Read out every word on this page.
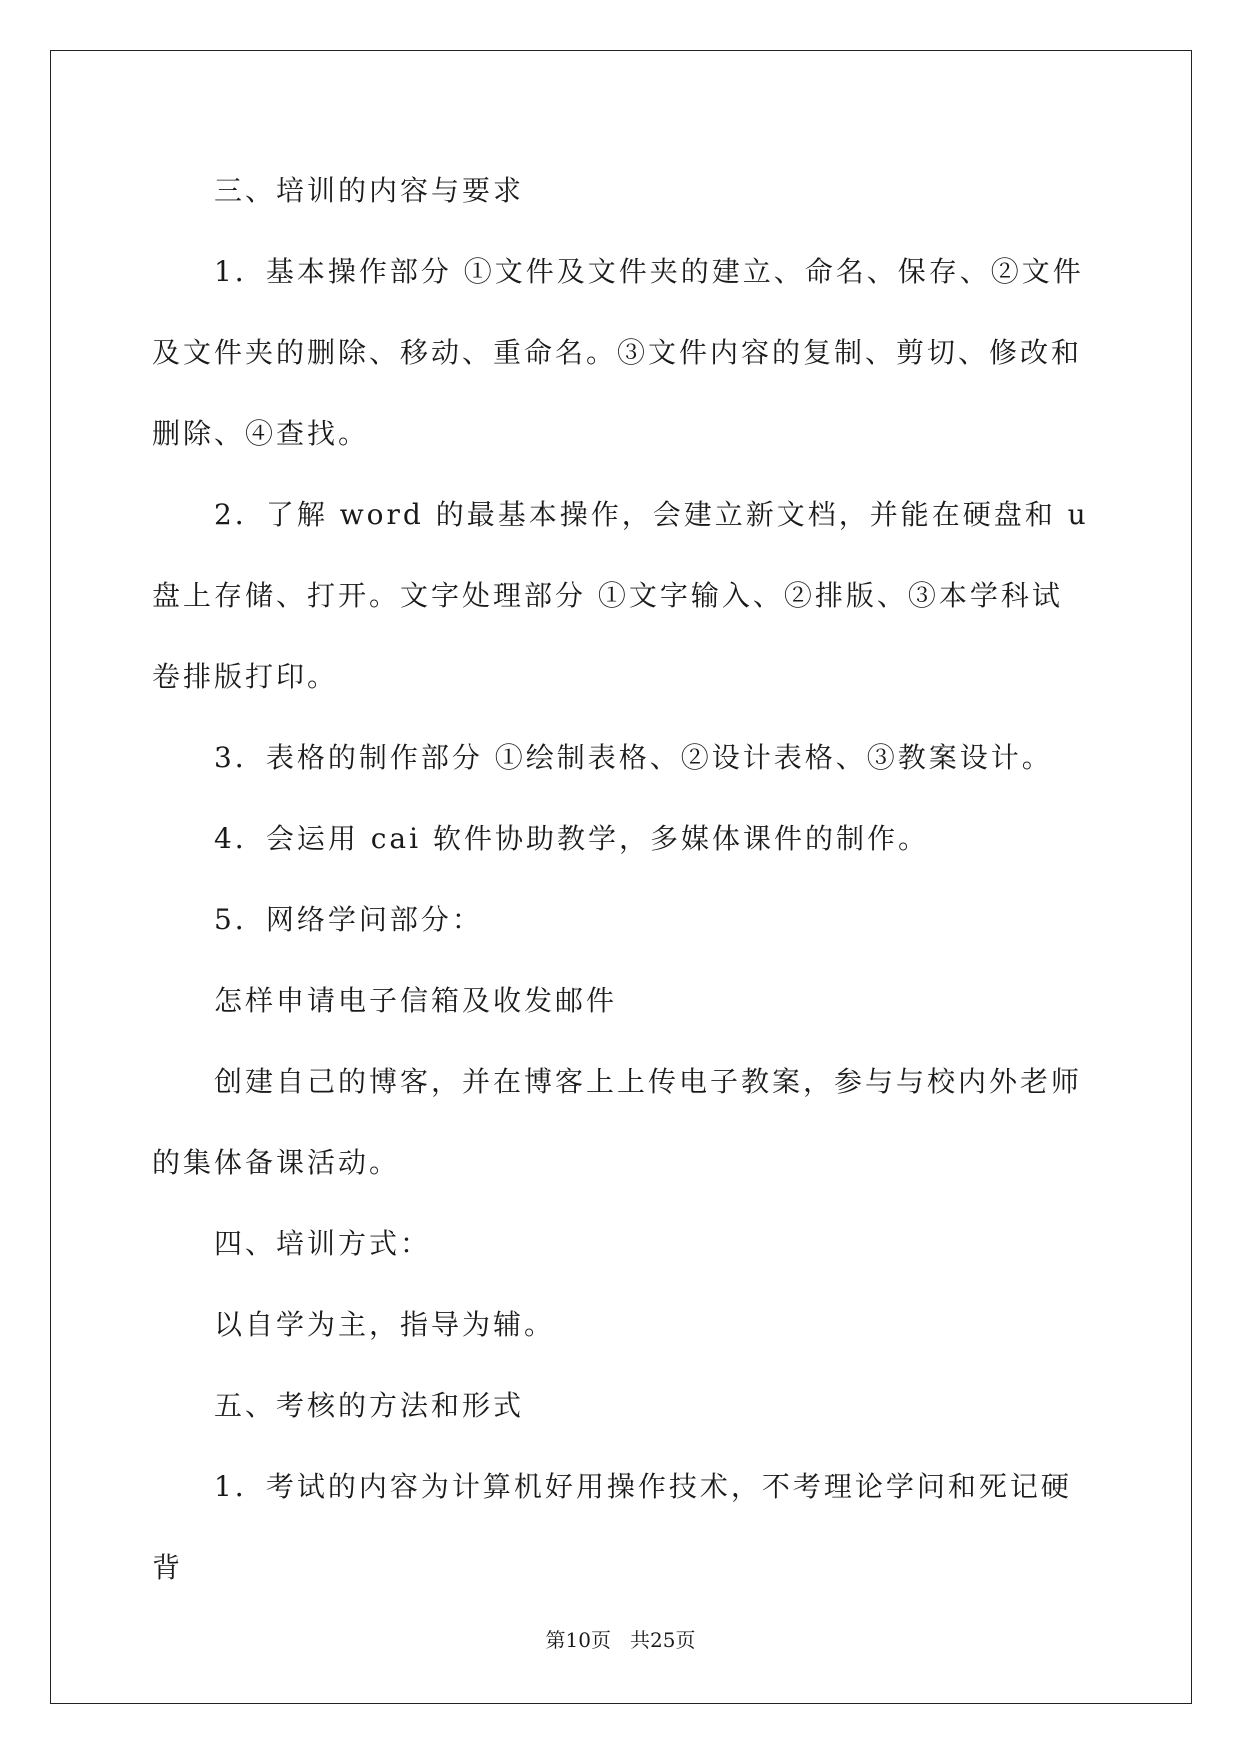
三、培训的内容与要求

1．基本操作部分 ①文件及文件夹的建立、命名、保存、②文件及文件夹的删除、移动、重命名。③文件内容的复制、剪切、修改和删除、④查找。

2．了解 word 的最基本操作，会建立新文档，并能在硬盘和 u 盘上存储、打开。文字处理部分 ①文字输入、②排版、③本学科试卷排版打印。

3．表格的制作部分 ①绘制表格、②设计表格、③教案设计。

4．会运用 cai 软件协助教学，多媒体课件的制作。

5．网络学问部分：

怎样申请电子信箱及收发邮件

创建自己的博客，并在博客上上传电子教案，参与与校内外老师的集体备课活动。

四、培训方式：

以自学为主，指导为辅。

五、考核的方法和形式

1．考试的内容为计算机好用操作技术，不考理论学问和死记硬背

第10页 共25页
